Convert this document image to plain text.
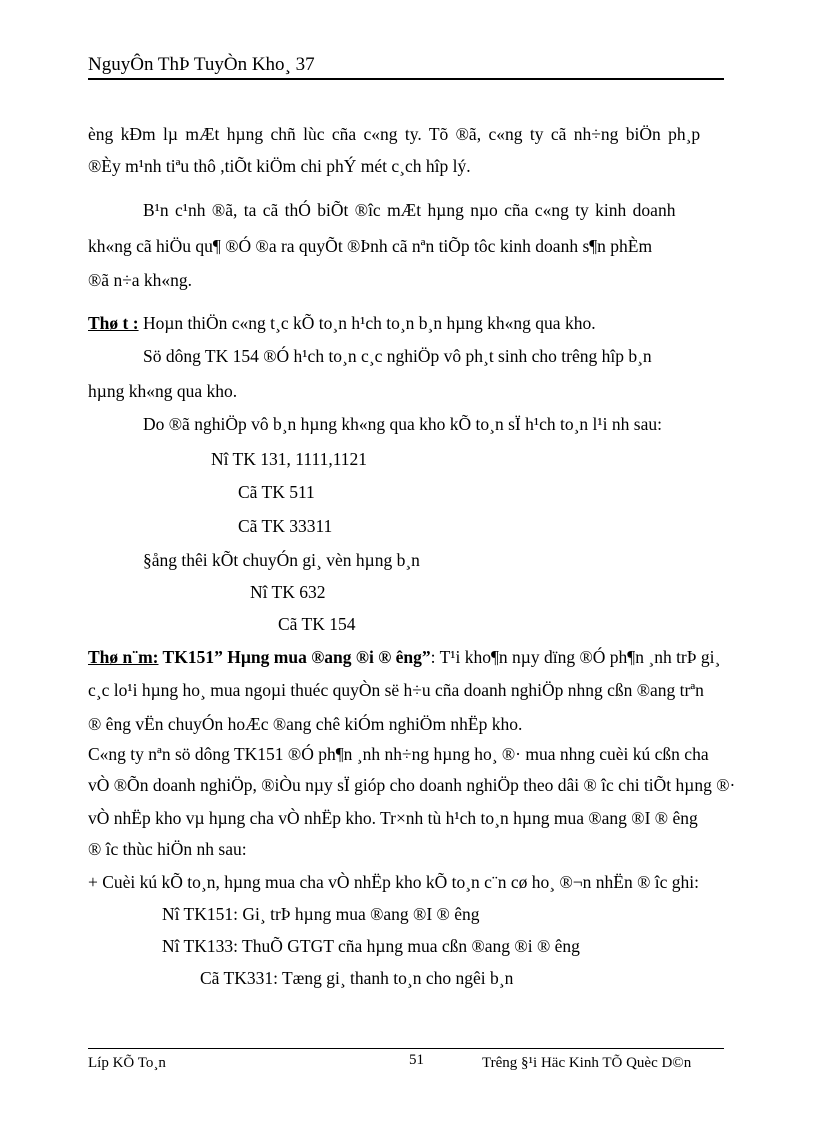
NguyÔn ThÞ TuyÒn Kho¸ 37
èng kÐm lµ mÆt hµng chñ lùc cña c«ng ty. Tõ ®ã, c«ng ty cã nh÷ng biÖn ph¸p
®Èy m¹nh tiªu thô ,tiÕt kiÖm chi phÝ mét c¸ch hîp lý.
B¹n c¹nh ®ã, ta cã thÓ biÕt ®îc mÆt hµng nµo cña c«ng ty kinh doanh
kh«ng cã hiÖu qu¶ ®Ó ®a ra quyÕt ®Þnh cã nªn tiÕp tôc kinh doanh s¶n phÈm
®ã n÷a kh«ng.
Thø t : Hoµn thiÖn c«ng t¸c kÕ to¸n h¹ch to¸n b¸n hµng kh«ng qua kho.
Sö dông TK 154 ®Ó h¹ch to¸n c¸c nghiÖp vô ph¸t sinh cho trêng hîp b¸n
hµng kh«ng qua kho.
Do ®ã nghiÖp vô b¸n hµng kh«ng qua kho kÕ to¸n sÏ h¹ch to¸n l¹i nh sau:
Nî TK 131, 1111,1121
Cã TK 511
Cã TK 33311
§ång thêi kÕt chuyÓn gi¸ vèn hµng b¸n
Nî TK 632
Cã TK 154
Thø n¨m: TK151” Hµng mua ®ang ®i ® êng”: T¹i kho¶n nµy dïng ®Ó ph¶n ¸nh trÞ gi¸
c¸c lo¹i hµng ho¸ mua ngoµi thuéc quyÒn së h÷u cña doanh nghiÖp nhng cßn ®ang trªn
® êng vËn chuyÓn hoÆc ®ang chê kiÓm nghiÖm nhËp kho.
C«ng ty nªn sö dông TK151 ®Ó ph¶n ¸nh nh÷ng hµng ho¸ ®· mua nhng cuèi kú cßn cha
vÒ ®Õn doanh nghiÖp, ®iÒu nµy sÏ gióp cho doanh nghiÖp theo dâi ® îc chi tiÕt hµng ®·
vÒ nhËp kho vµ hµng cha vÒ nhËp kho. Tr×nh tù h¹ch to¸n hµng mua ®ang ®I ® êng
® îc thùc hiÖn nh sau:
+ Cuèi kú kÕ to¸n, hµng mua cha vÒ nhËp kho kÕ to¸n c¨n cø ho¸ ®¬n nhËn ® îc ghi:
Nî TK151: Gi¸ trÞ hµng mua ®ang ®I ® êng
Nî TK133: ThuÕ GTGT cña hµng mua cßn ®ang ®i ® êng
Cã TK331: Tæng gi¸ thanh to¸n cho ngêi b¸n
Líp KÕ To¸n	51	Trêng §¹i Häc Kinh TÕ Quèc D©n
